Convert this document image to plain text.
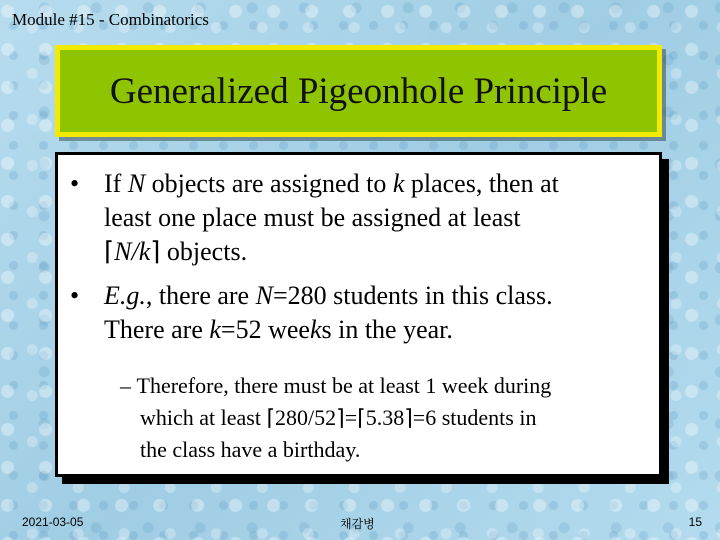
Module #15 - Combinatorics
Generalized Pigeonhole Principle
• If N objects are assigned to k places, then at
least one place must be assigned at least
⌈N/k⌉ objects.
• E.g., there are N=280 students in this class.
There are k=52 weeks in the year.
– Therefore, there must be at least 1 week during
which at least ⌈280/52⌉=⌈5.38⌉=6 students in
the class have a birthday.
2021-03-05	채감병	15
